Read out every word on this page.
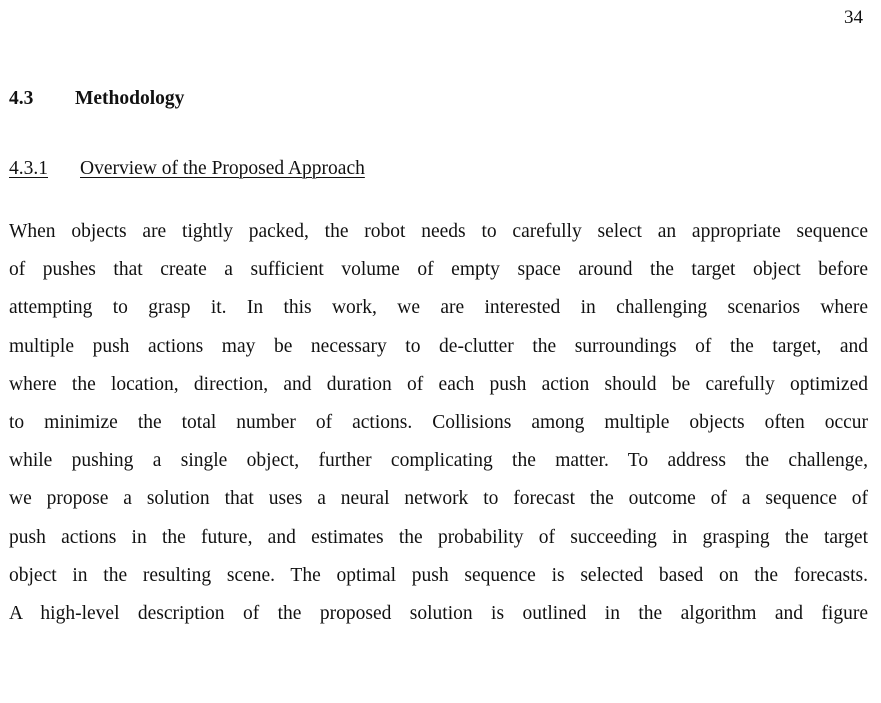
34
4.3 Methodology
4.3.1 Overview of the Proposed Approach
When objects are tightly packed, the robot needs to carefully select an appropriate sequence
of pushes that create a sufficient volume of empty space around the target object before
attempting to grasp it. In this work, we are interested in challenging scenarios where
multiple push actions may be necessary to de-clutter the surroundings of the target, and
where the location, direction, and duration of each push action should be carefully optimized
to minimize the total number of actions. Collisions among multiple objects often occur
while pushing a single object, further complicating the matter. To address the challenge,
we propose a solution that uses a neural network to forecast the outcome of a sequence of
push actions in the future, and estimates the probability of succeeding in grasping the target
object in the resulting scene. The optimal push sequence is selected based on the forecasts.
A high-level description of the proposed solution is outlined in the algorithm and figure
